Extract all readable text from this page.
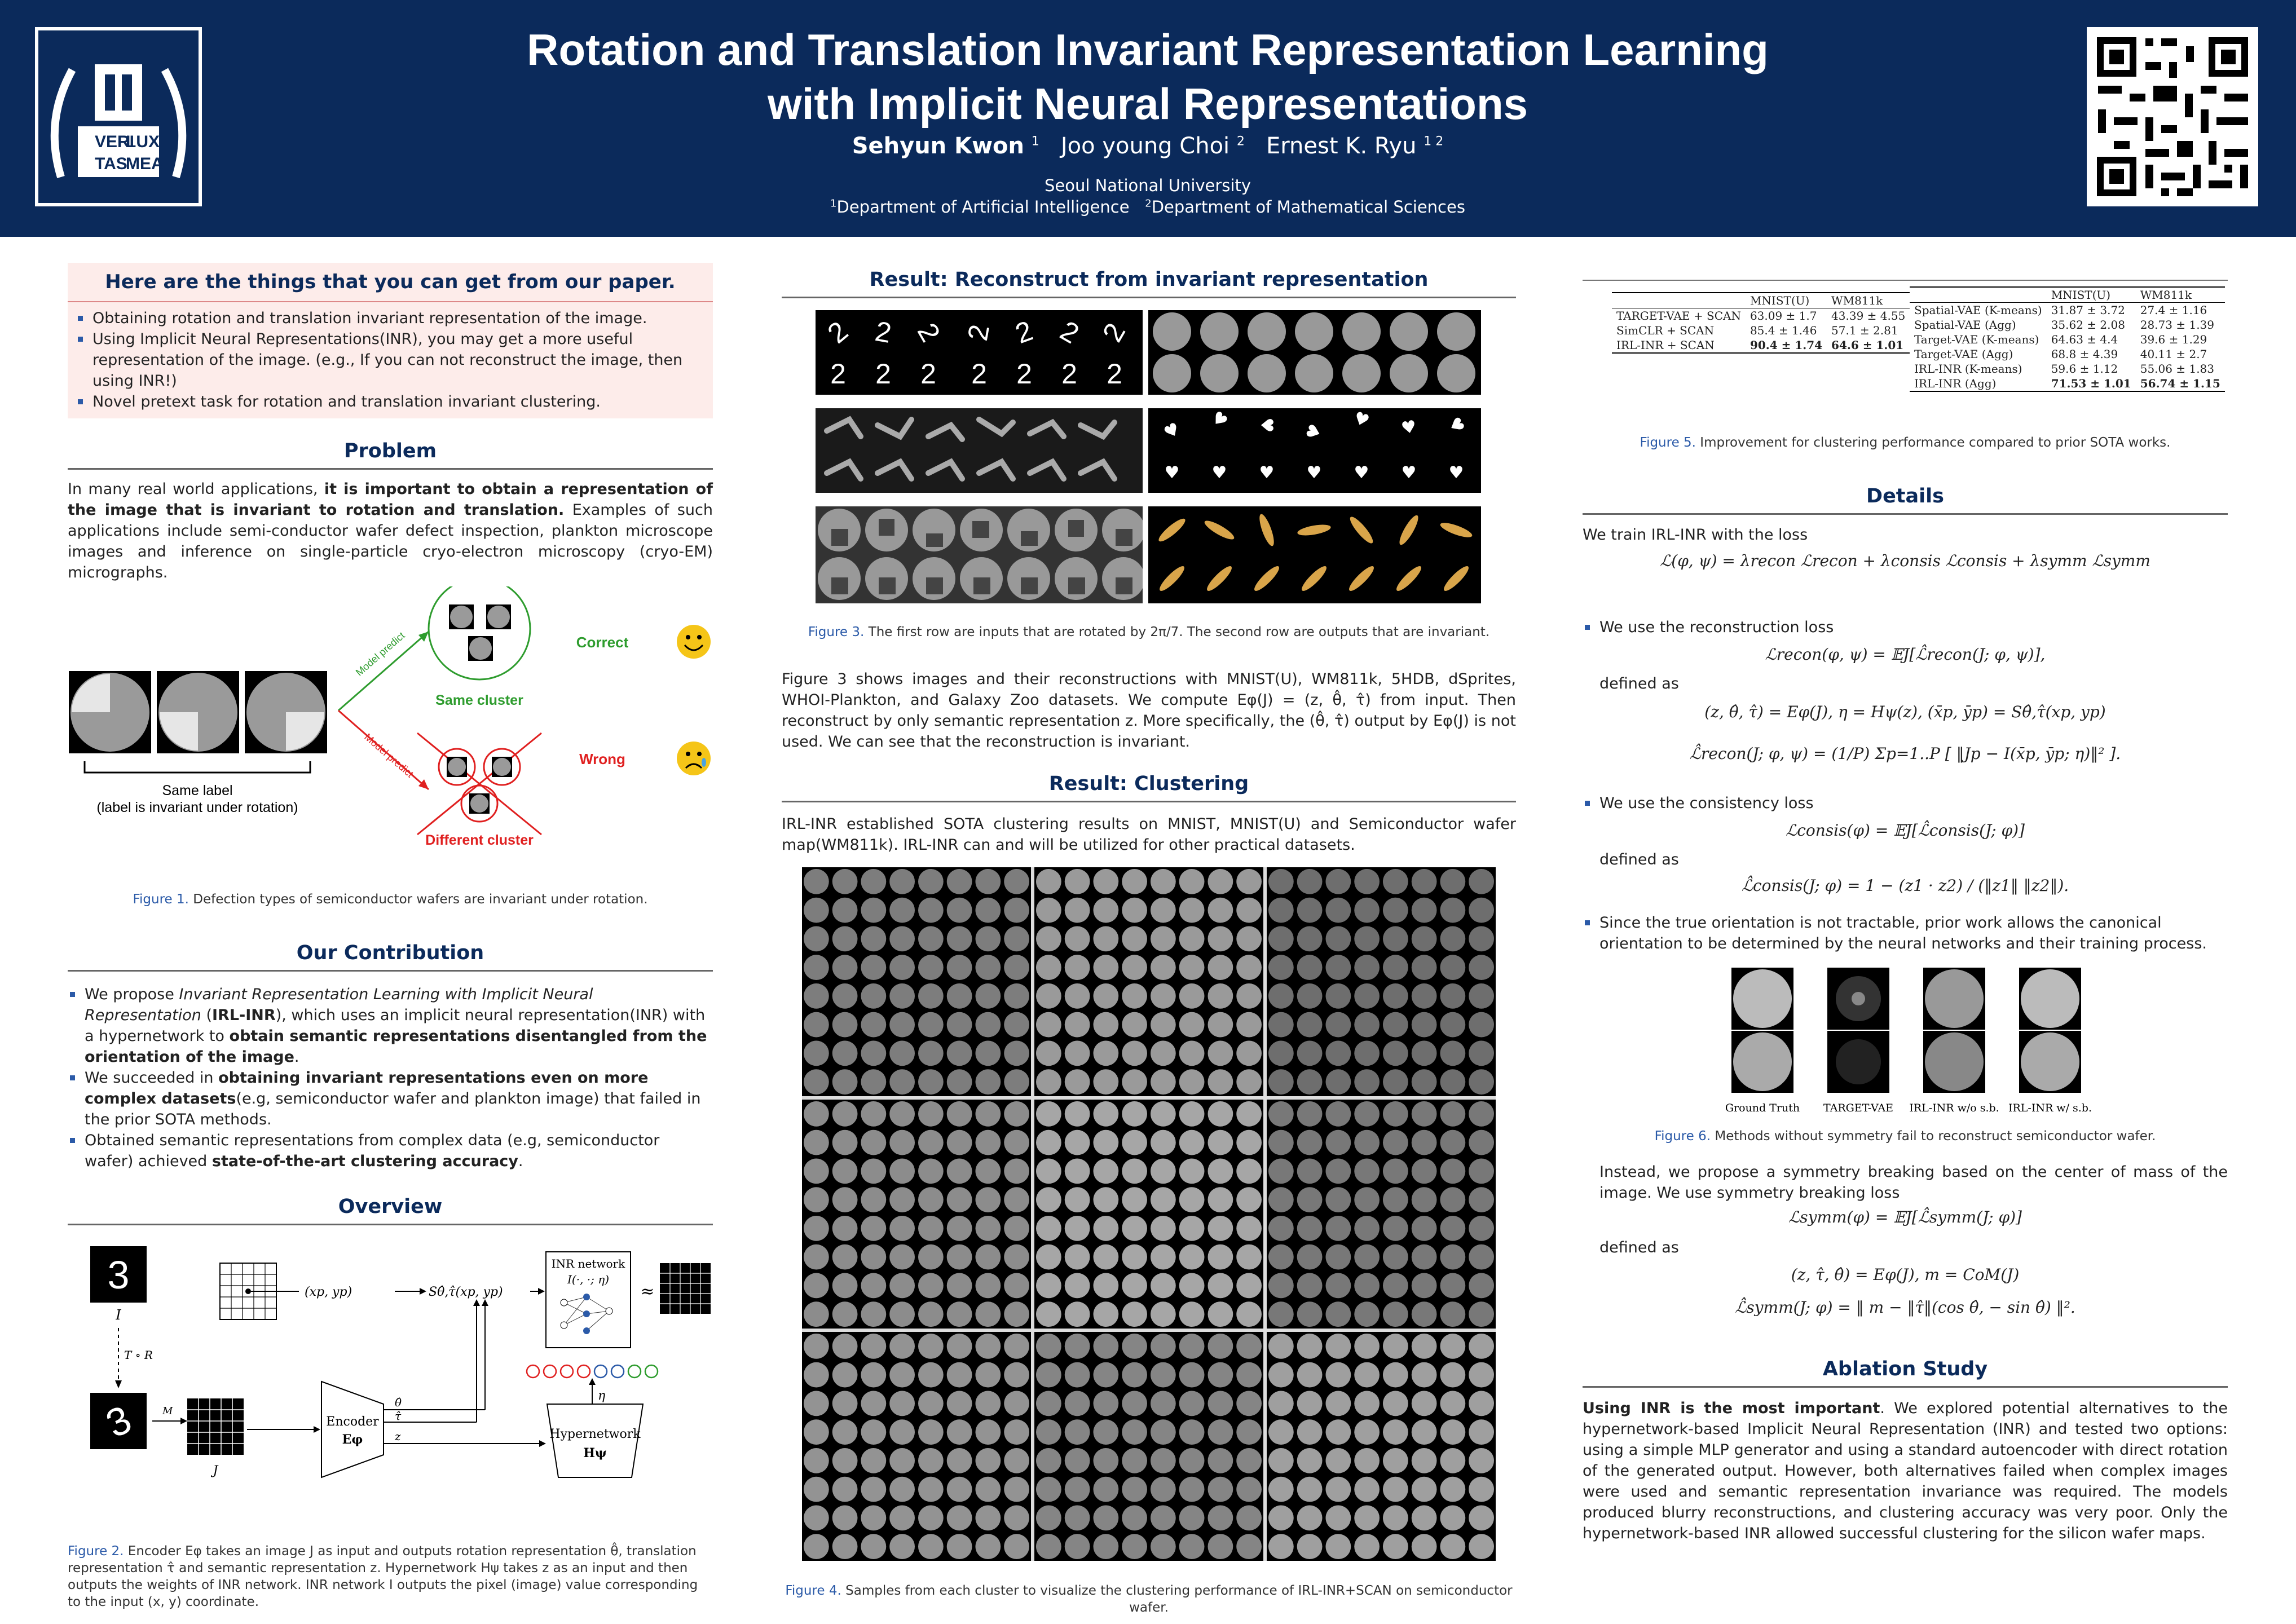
VERI
LUX
TAS
MEA
Rotation and Translation Invariant Representation Learning
with Implicit Neural Representations
Sehyun Kwon $^1$ Joo young Choi $^2$ Ernest K. Ryu $^{1 2}$
Seoul National University
$^1$Department of Artificial Intelligence $^2$Department of Mathematical Sciences
Here are the things that you can get from our paper.
Obtaining rotation and translation invariant representation of the image.
Using Implicit Neural Representations(INR), you may get a more useful representation of the image. (e.g., If you can not reconstruct the image, then using INR!)
Novel pretext task for rotation and translation invariant clustering.
Problem

In many real world applications, it is important to obtain a representation of the image that is invariant to rotation and translation. Examples of such applications include semi-conductor wafer defect inspection, plankton microscope images and inference on single-particle cryo-electron microscopy (cryo-EM) micrographs.

Same label
(label is invariant under rotation)
Model predict
Model predict
Same cluster
Different cluster
Correct
Wrong
Figure 1. Defection types of semiconductor wafers are invariant under rotation.
Our Contribution
We propose Invariant Representation Learning with Implicit Neural Representation (IRL-INR), which uses an implicit neural representation(INR) with a hypernetwork to obtain semantic representations disentangled from the orientation of the image.
We succeeded in obtaining invariant representations even on more complex datasets(e.g, semiconductor wafer and plankton image) that failed in the prior SOTA methods.
Obtained semantic representations from complex data (e.g, semiconductor wafer) achieved state-of-the-art clustering accuracy.
Overview
3
I
T ∘ R
3 M
J
(xp, yp)	Sθ̂,τ̂(xp, yp)
INR network
I(·, ·; η)
≈
η
Encoder
Eφ
θ̂
τ̂
z	Hypernetwork
Hψ
Figure 2. Encoder Eφ takes an image J as input and outputs rotation representation θ̂, translation representation τ̂ and semantic representation z. Hypernetwork Hψ takes z as an input and then outputs the weights of INR network. INR network I outputs the pixel (image) value corresponding to the input (x, y) coordinate.
Result: Reconstruct from invariant representation
2 2 2 2 2 2 2
2 2 2 2 2 2 2
♥ ♥ ♥ ♥
♥ ♥ ♥
♥ ♥ ♥ ♥ ♥ ♥ ♥
Figure 3. The first row are inputs that are rotated by 2π/7. The second row are outputs that are invariant.

Figure 3 shows images and their reconstructions with MNIST(U), WM811k, 5HDB, dSprites, WHOI-Plankton, and Galaxy Zoo datasets. We compute Eφ(J) = (z, θ̂, τ̂) from input. Then reconstruct by only semantic representation z. More specifically, the (θ̂, τ̂) output by Eφ(J) is not used. We can see that the reconstruction is invariant.

Result: Clustering

IRL-INR established SOTA clustering results on MNIST, MNIST(U) and Semiconductor wafer map(WM811k). IRL-INR can and will be utilized for other practical datasets.

Figure 4. Samples from each cluster to visualize the clustering performance of IRL-INR+SCAN on semiconductor wafer.
	MNIST(U)	WM811k
TARGET-VAE + SCAN	63.09 ± 1.7	43.39 ± 4.55
SimCLR + SCAN	85.4 ± 1.46	57.1 ± 2.81
IRL-INR + SCAN	90.4 ± 1.74	64.6 ± 1.01
	MNIST(U)	WM811k
Spatial-VAE (K-means)	31.87 ± 3.72	27.4 ± 1.16
Spatial-VAE (Agg)	35.62 ± 2.08	28.73 ± 1.39
Target-VAE (K-means)	64.63 ± 4.4	39.6 ± 1.29
Target-VAE (Agg)	68.8 ± 4.39	40.11 ± 2.7
IRL-INR (K-means)	59.6 ± 1.12	55.06 ± 1.83
IRL-INR (Agg)	71.53 ± 1.01	56.74 ± 1.15
Figure 5. Improvement for clustering performance compared to prior SOTA works.
Details

We train IRL-INR with the loss

ℒ(φ, ψ) = λrecon ℒrecon + λconsis ℒconsis + λsymm ℒsymm
We use the reconstruction loss
ℒrecon(φ, ψ) = 𝔼J[ℒ̂recon(J; φ, ψ)],

defined as

(z, θ̂, τ̂) = Eφ(J), η = Hψ(z), (x̄p, ȳp) = Sθ̂,τ̂(xp, yp)
ℒ̂recon(J; φ, ψ) = (1/P) Σp=1..P [ ‖Jp − I(x̄p, ȳp; η)‖² ].
We use the consistency loss
ℒconsis(φ) = 𝔼J[ℒ̂consis(J; φ)]

defined as

ℒ̂consis(J; φ) = 1 − (z1 · z2) / (‖z1‖ ‖z2‖).
Since the true orientation is not tractable, prior work allows the canonical orientation to be determined by the neural networks and their training process.
Ground Truth TARGET-VAE IRL-INR w/o s.b. IRL-INR w/ s.b.
Figure 6. Methods without symmetry fail to reconstruct semiconductor wafer.

Instead, we propose a symmetry breaking based on the center of mass of the image. We use symmetry breaking loss

ℒsymm(φ) = 𝔼J[ℒ̂symm(J; φ)]

defined as

(z, τ̂, θ̂) = Eφ(J), m = CoM(J)
ℒ̂symm(J; φ) = ‖ m − ‖τ̂‖(cos θ̂, − sin θ̂) ‖².
Ablation Study

Using INR is the most important. We explored potential alternatives to the hypernetwork-based Implicit Neural Representation (INR) and tested two options: using a simple MLP generator and using a standard autoencoder with direct rotation of the generated output. However, both alternatives failed when complex images were used and semantic representation invariance was required. The models produced blurry reconstructions, and clustering accuracy was very poor. Only the hypernetwork-based INR allowed successful clustering for the silicon wafer maps.
